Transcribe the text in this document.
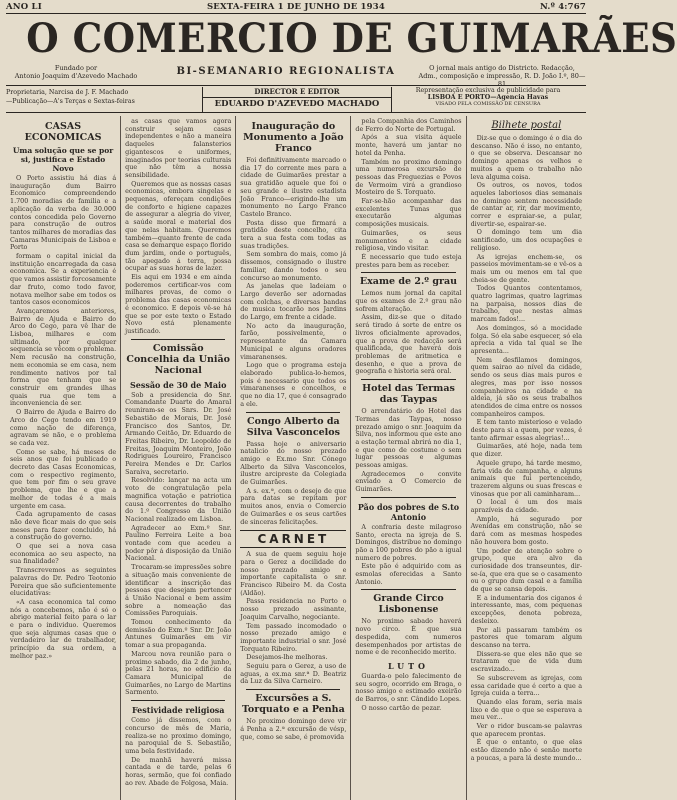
ANO LI	SEXTA-FEIRA 1 DE JUNHO DE 1934	N.º 4:767
O COMERCIO DE GUIMARÃES
Fundado por
Antonio Joaquim d'Azevedo Machado	BI-SEMANARIO REGIONALISTA	O jornal mais antigo do Districto. Redacção,
Adm., composição e impressão, R. D. João I.º, 80—81
Proprietaria, Narcisa de J. F. Machado
—Publicação—A's Terças e Sextas-feiras
DIRECTOR E EDITOR
EDUARDO D'AZEVEDO MACHADO
Representação exclusiva de publicidade para
LISBOA E PORTO—Agencia Havas
VISADO PELA COMISSÃO DE CENSURA
CASAS ECONOMICAS
Uma solução que se por si, justifica e Estado Novo

O Porto assistiu há dias á inauguração dum Bairro Economico compreendendo 1.700 moradias de familia e a aplicação da verba de 30.000 contos concedida pelo Governo para construção de outros tantos milhares de moradias das Camaras Municipais de Lisboa e Porto

formam o capital inicial da instituição encarregada da casa economica. Se a experiencia é que vamos assistir forcosamente dar fruto, como todo favor, notava melhor sabe em todos os tantos casos economicos

Avançaremos anteriores, Bairro de Ajuda e Bairro do Arco do Cego, para vê lhar de Lisboa, milhares e com ultimado, por qualquer sequencia se vêcom o problema. Nem recusão na construção, nem economia se em casa, nem rendimento nativos por tal forma que tenham que se construir em grandes ilhas quais rua que tem a inconveniencia de ser.

O Bairro de Ajuda e Bairro do Arco do Cego tendo em 1919 como nação de diferença, agravam se não, e o problema se cada vez.

Como se sabe, há meses de seis anos que foi publicado o decreto das Casas Economicas, com o respectivo regimento, que tem por fim o seu grave problema, que lhe e que a melhor de todas é a mais urgente em casa.

Cada agrupamento de casas não deve ficar mais do que seis meses para fazer concluido, há a construção do governo.

O que sei a nova casa economica ao seu aspecto, na sua finalidade?

Transcrevemos as seguintes palavras do Dr. Pedro Teotonio Pereira que são suficientemente elucidativas:

«A casa economica tal como nós a concebemos, não é só o abrigo material feito para o lar e para o individuo. Queremos que seja algumas casas que o verdadeiro lar de trabalhador, princípio da sua ordem, a melhor paz.»

as casas que vamos agora construir sejam casas independentes e não a maneira daqueles falansterios gigantescos e uniformes, imaginados por teorias culturais que não têm a nossa sensibilidade.

Queremos que as nossas casas economicas, embora singelas e pequenas, ofereçam condições de conforto e higiene capazes de assegurar a alegria do viver, a saúde moral e material dos que nelas habitam. Queremos também—quanto frente de cada casa se demarque espaço florido dum jardim, onde o português, tão apegado á terra, possa ocupar as suas horas de lazer.

Eis aqui em 1934 e em ainda poderemos certificar-vos com milhares provas, de como o problema das casas economicas é economico. E depois vê-se há que se por este texto o Estado Novo está plenamente justificado.

Comissão Concelhia da União Nacional
Sessão de 30 de Maio

Sob a presidencia do Snr. Comandante Duarte do Amaral reuniram-se os Snrs. Dr. José Sebastião de Morais, Dr. José Francisco dos Santos, Dr. Armando Ceitão, Dr. Eduardo de Freitas Ribeiro, Dr. Leopoldo de Freitas, Joaquim Monteiro, João Rodrigues Loureiro, Francisco Pereira Mendes e Dr. Carlos Saraiva, secretario.

Resolvido: lançar na acta um voto de congratulação pela magnifica votação e patriotica causa decorrentes do trabalho do 1.º Congresso da União Nacional realizado em Lisboa.

Agradecer ao Exm.º Snr. Paulino Ferreira Leite a boa vontade com que acedeu a poder pôr á disposição da União Nacional.

Trocaram-se impressões sobre a situação mais conveniente de identificar a inscrição das pessoas que desejam pertencer á União Nacional e bem assim sobre a nomeação das Comissões Paroquiais.

Tomou conhecimento da demissão do Exm.º Snr. Dr. João Antunes Guimarães em vir tomar a sua propaganda.

Marcou nova reunião para o proximo sabado, dia 2 de junho, pelas 21 horas, no edificio da Camara Municipal de Guimarães, no Largo de Martins Sarmento.

Festividade religiosa

Como já dissemos, com o concurso de mês de Maria, realiza-se no proximo domingo, na paroquial de S. Sebastião, uma bela festividade.

De manhã haverá missa cantada e de tarde, pelas 6 horas, sermão, que foi confiado ao rev. Abade de Folgosa, Maia.

Inauguração do Monumento a João Franco

Foi definitivamente marcado o dia 17 do corrente mes para a cidade de Guimarães prestar a sua gratidão aquele que foi o seu grande e ilustre estadista João Franco—erigindo-lhe um monumento no Largo Franco Castelo Branco.

Posta disso que firmará a gratidão deste concelho, cita tera a sua festa com todas as suas tradições.

Sem sombra do mais, como já dissemos, consignado o ilustre familiar, dando todos o seu concurso ao monumento.

As janelas que ladeiam o Largo deverão ser adornadas com colchas, e diversas bandas de musica tocarão nos Jardins do Largo, em frente a cidade.

No acto da inauguração, farão, possivelmente, o representante da Camara Municipal e alguns oradores vimaranenses.

Logo que o programa esteja elaborado publica-lo-hemos, pois é necessario que todos os vimaranenses e concelhos, e que no dia 17, que é consagrado a ele.

Congo Alberto da Silva Vasconcelos

Passa hoje o aniversario natalicio do nosso prezado amigo e Ex.mo Snr. Cónego Alberto da Silva Vasconcelos, ilustre arcipreste da Colegiada de Guimarães.

A s. ex.ª, com o desejo de que para datas se repitam por muitos anos, envia o Comercio de Guimarães e os seus cartões de sinceras felicitações.

CARNET

A sua de quem seguiu hoje para o Gerez a docilidade do nosso prezado amigo e importante capitalista o snr. Francisco Ribeiro M. da Costa (Aldão).

Passa residencia no Porto o nosso prezado assinante, Joaquim Carvalho, negociante.

Tem passado incomodado o nosso prezado amigo e importante industrial o snr. José Torquato Ribeiro.

Desejamos-lhe melhoras.

Seguiu para o Gerez, a uso de aguas, a ex.ma snr.ª D. Beatriz da Luz da Silva Carneiro.

Excursões a S. Torquato e a Penha

No proximo domingo deve vir á Penha a 2.ª excursão de vésp, que, como se sabe, é promovida

pela Companhia dos Caminhos de Ferro do Norte de Portugal.

Após a sua visita áquele monte, haverá um jantar no hotel da Penha.

Também no proximo domingo uma numerosa excursão de pessoas das Freguezias e Povos de Vermoim virá a grandioso Mosteiro de S. Torquato.

Far-se-hão acompanhar das excelentes Tunas que executarão algumas composições musicais.

Guimarães, os seus monumentos e a cidade religiosa, vindo visitar.

É necessario que tudo esteja prestes para bem as receber.

Exame de 2.º grau

Lemos num jornal da capital que os exames de 2.º grau não sofrem alteração.

Assim, diz-se que o ditado será tirado á sorte de entre os livros oficialmente aprovados, que a prova de redacção será qualificada, que haverá dois problemas de aritmetica e desenho, e que a prova de geografia e historia será oral.

Hotel das Termas das Taypas

O arrendatário do Hotel das Termas das Taypas, nosso prezado amigo o snr. Joaquim da Silva, nos informou que este ano a estação termal abrirá no dia 1, e que como de costume o sem lugar pessoas e algumas pessoas amigas.

Agradecemos o convite enviado a O Comercio de Guimarães.

Pão dos pobres de S.to Antonio

A confraria deste milagroso Santo, erecta na igreja de S. Domingos, distribue no domingo pão a 100 pobres do pão a igual numero de pobres.

Este pão é adquirido com as esmolas oferecidas a Santo Antonio.

Grande Circo Lisbonense

No proximo sabado haverá novo circo. É que sua despedida, com numeros desempenhados por artistas de nome e de reconhecido merito.

LUTO

Guarda-o pelo falecimento de seu sogro, ocorrido em Braga, o nosso amigo e estimado exeirão de Barros, o snr. Cândido Lopes.

O nosso cartão de pezar.

Bilhete postal

Diz-se que o domingo é o dia do descanso. Não é isso, no entanto, o que se observa. Descansar no domingo apenas os velhos e muitos a quem o trabalho não leva alguma coisa.

Os outros, os novos, todos aqueles laboriosos dias semanais no domingo sentem necessidade de cantar ar, rir, dar movimento, correr e espraiar-se, a pular, divertir-se, espairar-se.

O domingo tem um dia santificado, um dos ocupações e religioso.

As igrejas enchem-se, os passeios movimentam-se e vê-os a mais um ou menos em tal que cheia-se de gente.

Todos Quantos contentamos, quatro lagrimas, quatro lagrimas na parpaisa, nossos dias de trabalho, que nestas almas marcam fados!...

Aos domingos, só a mocidade folga. Só ela sabe esquecer, só ela aprecia a vida tal qual se lhe apresenta...

Nem desfilamos domingos, quem sairao ao nível da cidade, sendo os seus dias mais puros e alegres, mas por isso nossos companheiros na cidade e na aldeia, já são os seus trabalhos atendidos de cima entre os nossos companheiros campos.

E tem tanto misterioso e velado deste para si a quem, por vezes, é tanto afirmar essas alegrias!...

Guimarães, até hoje, nada tem que dizer.

Aquele grupo, há tarde mesmo, faria vida de campanha, e alguns animais que fui pertencendo, trazerem alguns ou suas frescas e vinosas que por ali caminharam...

O local é um dos mais aprazíveis da cidade.

Amplo, há segurado por Avenidas em construção, não se dará com as mesmas hospedes não houvera bom gosto.

Um poder de atenção sobre o grupo, que era alvo da curiosidade dos transeuntes, dir-se-ía, que era que se o casamento ou o grupo dum casal e a família de que se cansa depois.

E a indumentaria dos ciganos é interessante, mas, com pequenas excepções, denota pobreza, desleixo.

Por ali passaram também os pastores que tomaram algum descanso na terra.

Dissera-se que eles não que se trataram que de vida dum escravizado...

Se subscrevem as igrejas, com essa caridade que é certo a que a Igreja cuida a terra...

Quando elas foram, seria mais lixo e de que o que se esperava a meu ver...

Ver o ridor buscam-se palavras que aparecem prontas.

É que o entanto, o que elas estão dizendo não é senão morte a poucas, a para lá deste mundo...
